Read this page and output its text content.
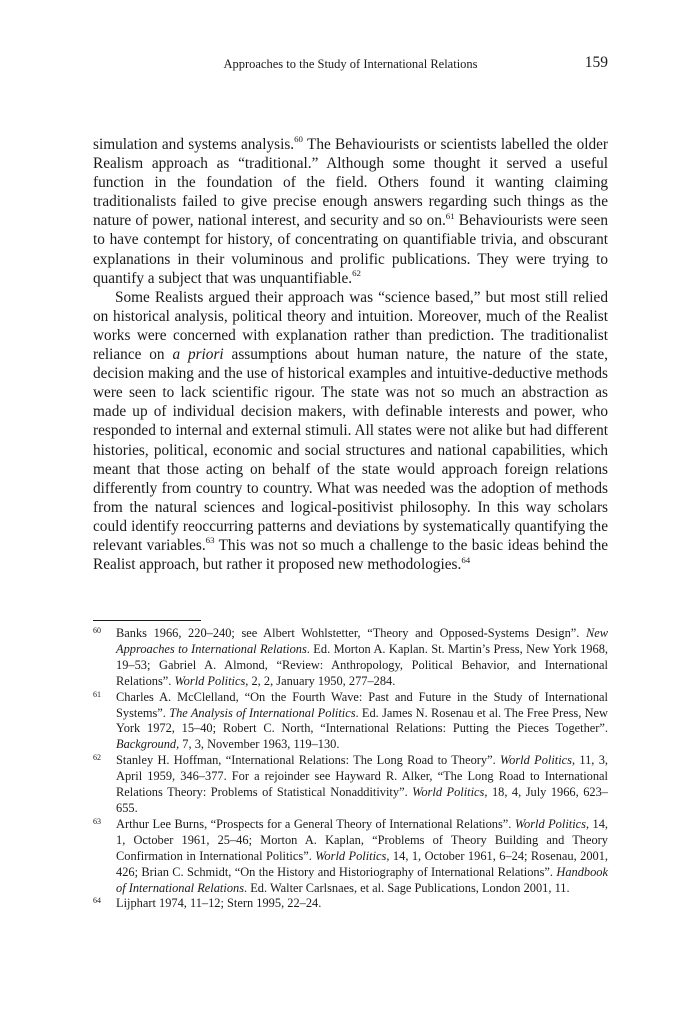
Approaches to the Study of International Relations	159

simulation and systems analysis.$^{60}$ The Behaviourists or scientists labelled the older Realism approach as “traditional.” Although some thought it served a useful function in the foundation of the field. Others found it wanting claiming traditionalists failed to give precise enough answers regarding such things as the nature of power, national interest, and security and so on.$^{61}$ Behaviourists were seen to have contempt for history, of concentrating on quantifiable trivia, and obscurant explanations in their voluminous and prolific publications. They were trying to quantify a subject that was unquantifiable.$^{62}$

Some Realists argued their approach was “science based,” but most still relied on historical analysis, political theory and intuition. Moreover, much of the Realist works were concerned with explanation rather than prediction. The traditionalist reliance on a priori assumptions about human nature, the nature of the state, decision making and the use of historical examples and intuitive-deductive methods were seen to lack scientific rigour. The state was not so much an abstraction as made up of individual decision makers, with definable interests and power, who responded to internal and external stimuli. All states were not alike but had different histories, political, economic and social structures and national capabilities, which meant that those acting on behalf of the state would approach foreign relations differently from country to country. What was needed was the adoption of methods from the natural sciences and logical-positivist philosophy. In this way scholars could identify reoccurring patterns and deviations by systematically quantifying the relevant variables.$^{63}$ This was not so much a challenge to the basic ideas behind the Realist approach, but rather it proposed new methodologies.$^{64}$

60	Banks 1966, 220–240; see Albert Wohlstetter, “Theory and Opposed-Systems Design”. New Approaches to International Relations. Ed. Morton A. Kaplan. St. Martin’s Press, New York 1968, 19–53; Gabriel A. Almond, “Review: Anthropology, Political Behavior, and International Relations”. World Politics, 2, 2, January 1950, 277–284.
61	Charles A. McClelland, “On the Fourth Wave: Past and Future in the Study of International Systems”. The Analysis of International Politics. Ed. James N. Rosenau et al. The Free Press, New York 1972, 15–40; Robert C. North, “International Relations: Putting the Pieces Together”. Background, 7, 3, November 1963, 119–130.
62	Stanley H. Hoffman, “International Relations: The Long Road to Theory”. World Politics, 11, 3, April 1959, 346–377. For a rejoinder see Hayward R. Alker, “The Long Road to International Relations Theory: Problems of Statistical Nonadditivity”. World Politics, 18, 4, July 1966, 623–655.
63	Arthur Lee Burns, “Prospects for a General Theory of International Relations”. World Politics, 14, 1, October 1961, 25–46; Morton A. Kaplan, “Problems of Theory Building and Theory Confirmation in International Politics”. World Politics, 14, 1, October 1961, 6–24; Rosenau, 2001, 426; Brian C. Schmidt, “On the History and Historiography of International Relations”. Handbook of International Relations. Ed. Walter Carlsnaes, et al. Sage Publications, London 2001, 11.
64	Lijphart 1974, 11–12; Stern 1995, 22–24.
